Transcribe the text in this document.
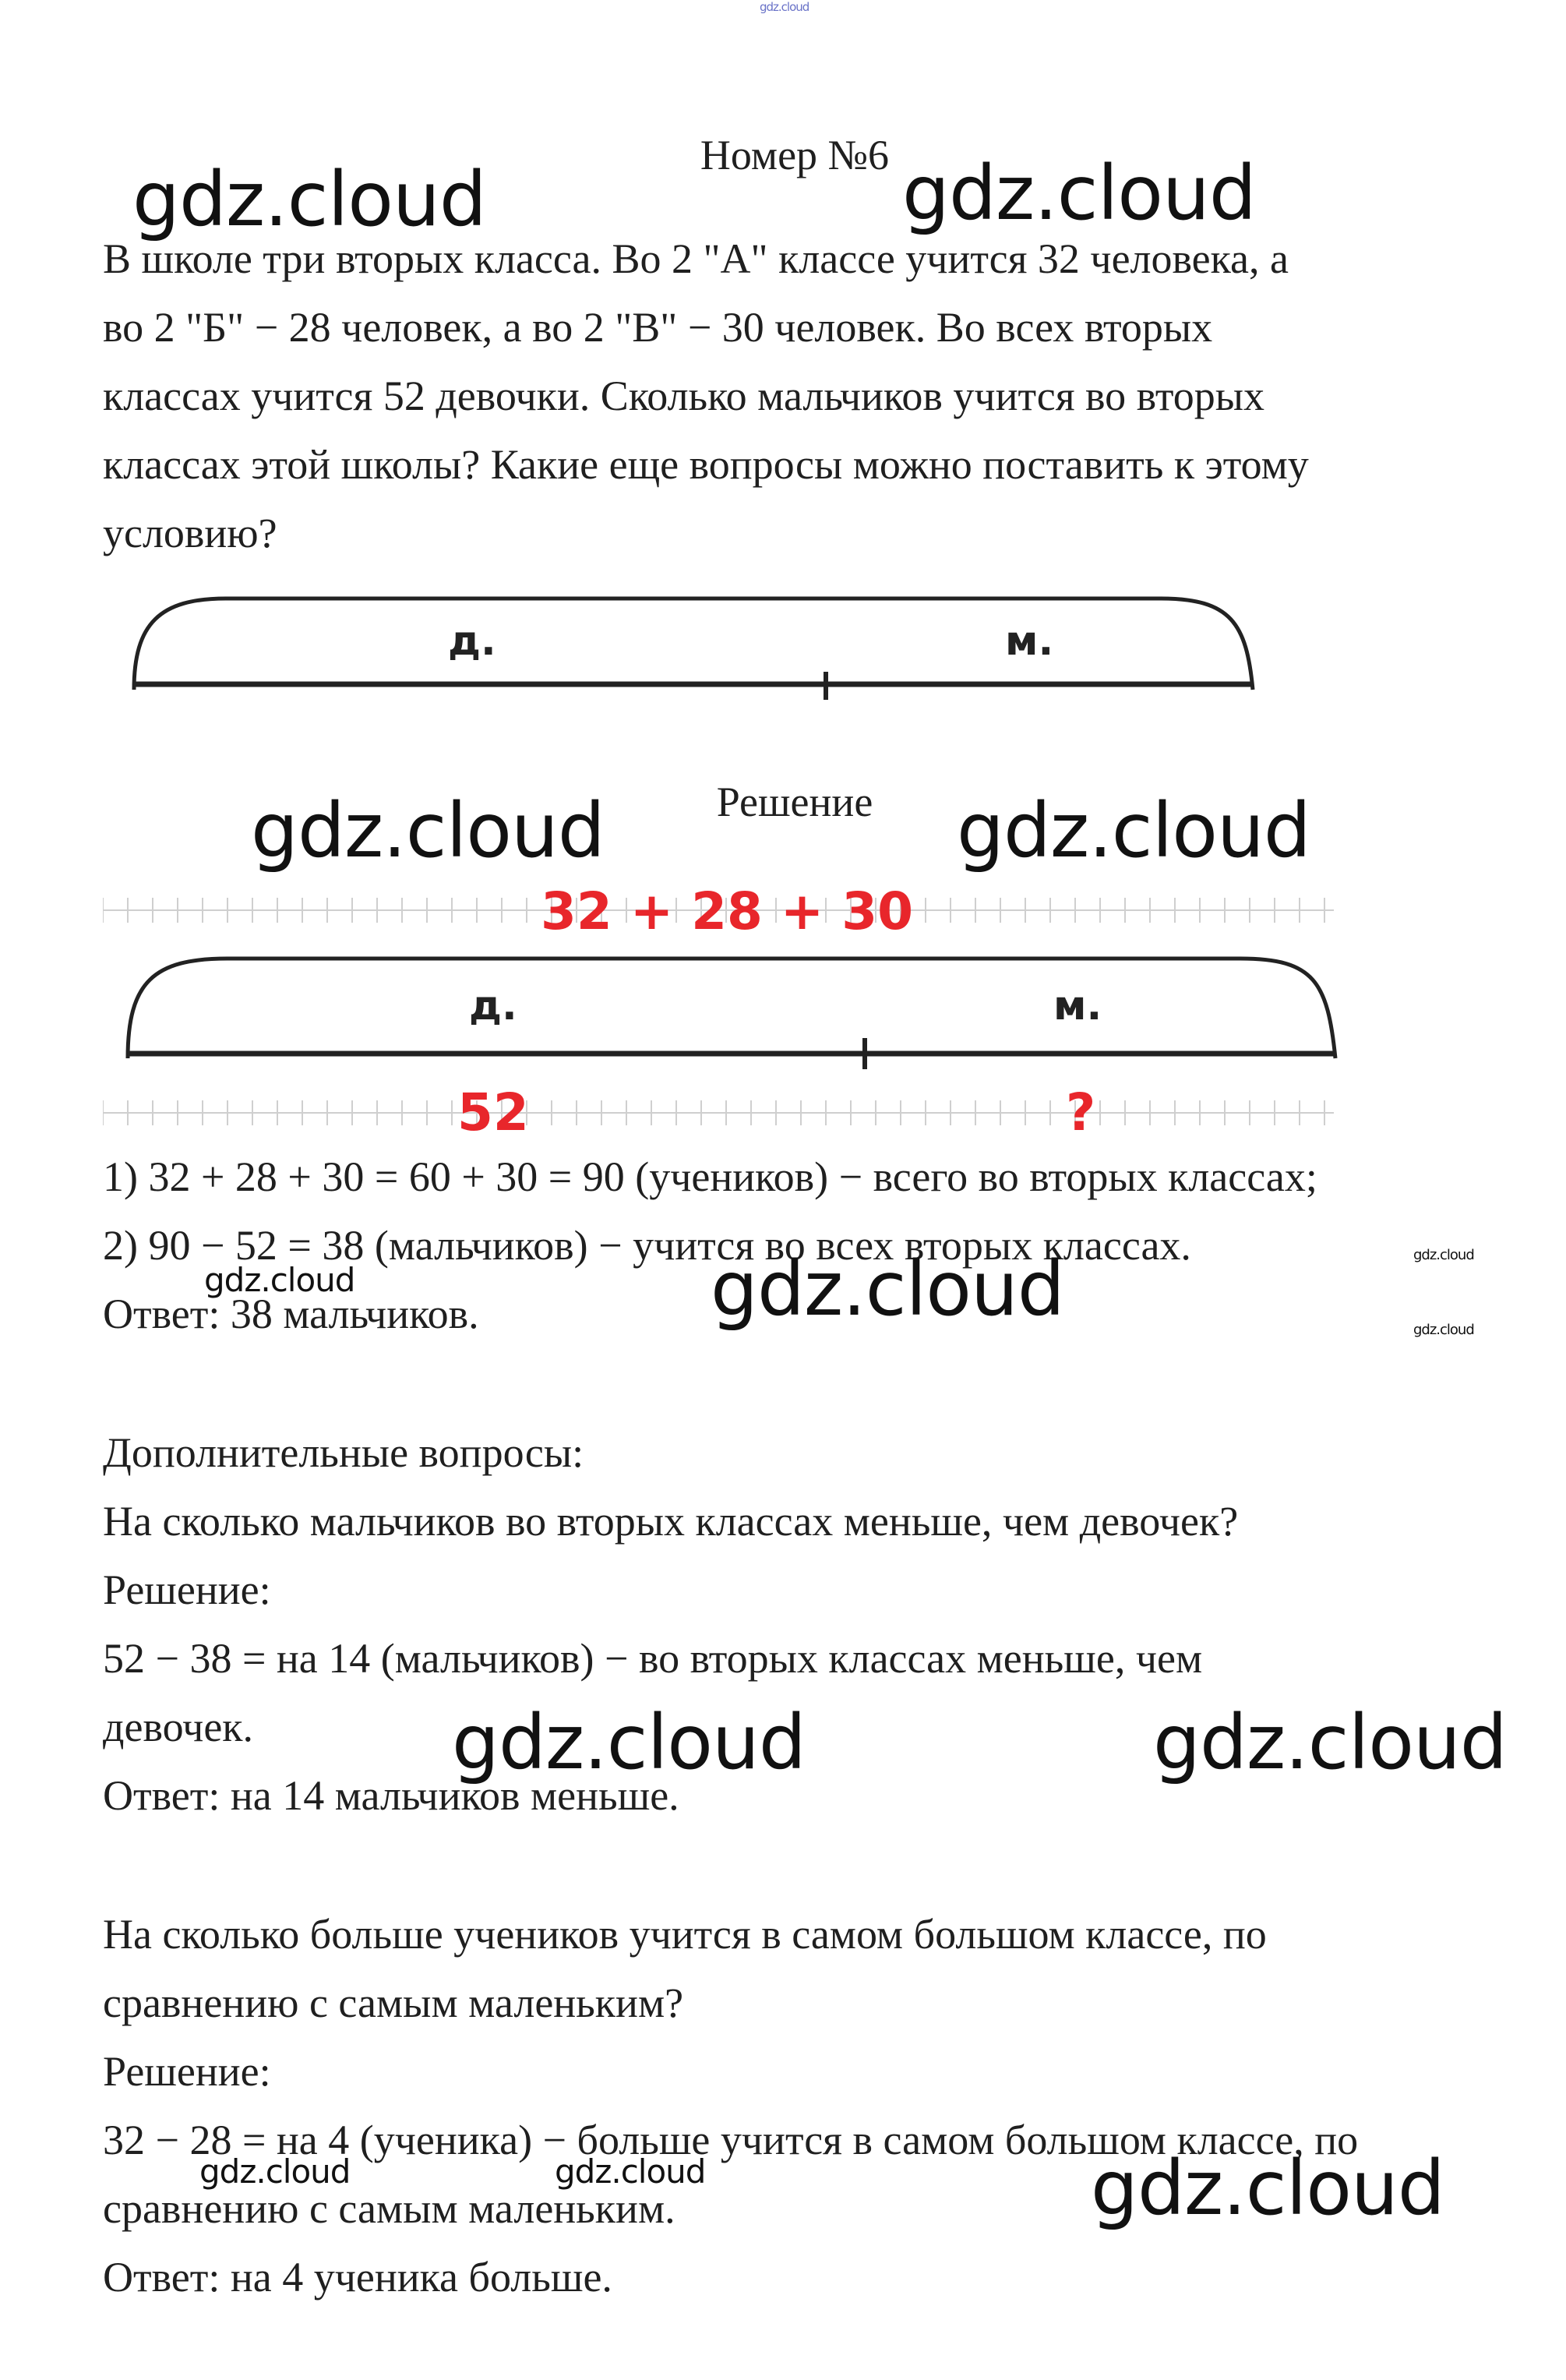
Номер №6
В школе три вторых класса. Во 2 "А" классе учится 32 человека, а
во 2 "Б" − 28 человек, а во 2 "В" − 30 человек. Во всех вторых
классах учится 52 девочки. Сколько мальчиков учится во вторых
классах этой школы? Какие еще вопросы можно поставить к этому
условию?
д.	м.
Решение
32 + 28 + 30
д.	м.
52	?
1) 32 + 28 + 30 = 60 + 30 = 90 (учеников) − всего во вторых классах;
2) 90 − 52 = 38 (мальчиков) − учится во всех вторых классах.
Ответ: 38 мальчиков.
Дополнительные вопросы:
На сколько мальчиков во вторых классах меньше, чем девочек?
Решение:
52 − 38 = на 14 (мальчиков) − во вторых классах меньше, чем
девочек.
Ответ: на 14 мальчиков меньше.
На сколько больше учеников учится в самом большом классе, по
сравнению с самым маленьким?
Решение:
32 − 28 = на 4 (ученика) − больше учится в самом большом классе, по
сравнению с самым маленьким.
Ответ: на 4 ученика больше.
gdz.cloud
gdz.cloud	gdz.cloud
gdz.cloud	gdz.cloud
gdz.cloud	gdz.cloud	gdz.cloud
gdz.cloud
gdz.cloud	gdz.cloud
gdz.cloud	gdz.cloud	gdz.cloud
